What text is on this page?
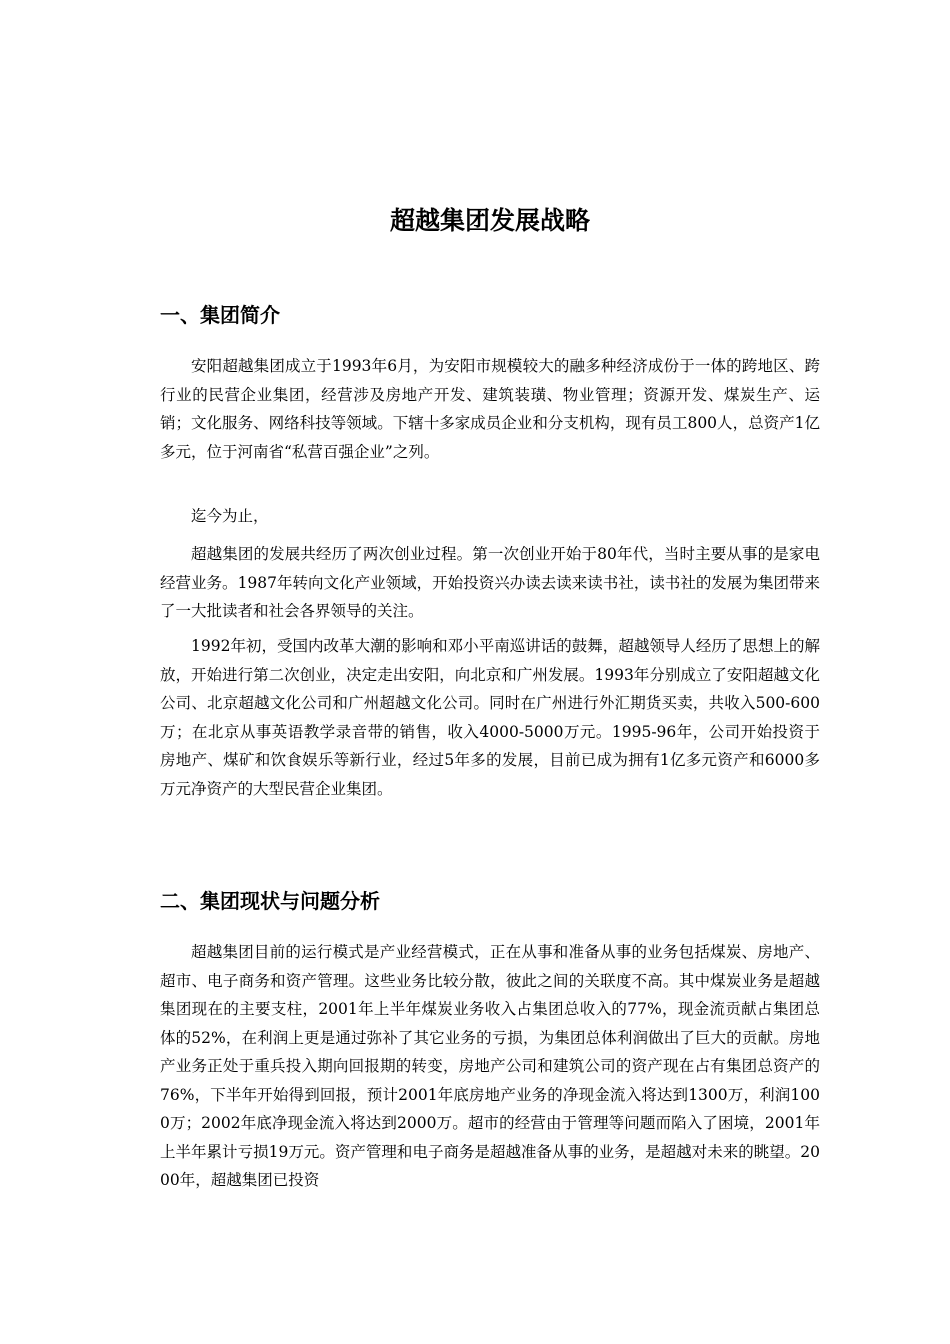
超越集团发展战略
一、集团简介

安阳超越集团成立于1993年6月，为安阳市规模较大的融多种经济成份于一体的跨地区、跨行业的民营企业集团，经营涉及房地产开发、建筑装璜、物业管理；资源开发、煤炭生产、运销；文化服务、网络科技等领域。下辖十多家成员企业和分支机构，现有员工800人，总资产1亿多元，位于河南省“私营百强企业”之列。

迄今为止，

超越集团的发展共经历了两次创业过程。第一次创业开始于80年代，当时主要从事的是家电经营业务。1987年转向文化产业领域，开始投资兴办读去读来读书社，读书社的发展为集团带来了一大批读者和社会各界领导的关注。

1992年初，受国内改革大潮的影响和邓小平南巡讲话的鼓舞，超越领导人经历了思想上的解放，开始进行第二次创业，决定走出安阳，向北京和广州发展。1993年分别成立了安阳超越文化公司、北京超越文化公司和广州超越文化公司。同时在广州进行外汇期货买卖，共收入500-600万；在北京从事英语教学录音带的销售，收入4000-5000万元。1995-96年，公司开始投资于房地产、煤矿和饮食娱乐等新行业，经过5年多的发展，目前已成为拥有1亿多元资产和6000多万元净资产的大型民营企业集团。

二、集团现状与问题分析

超越集团目前的运行模式是产业经营模式，正在从事和准备从事的业务包括煤炭、房地产、超市、电子商务和资产管理。这些业务比较分散，彼此之间的关联度不高。其中煤炭业务是超越集团现在的主要支柱，2001年上半年煤炭业务收入占集团总收入的77%，现金流贡献占集团总体的52%，在利润上更是通过弥补了其它业务的亏损，为集团总体利润做出了巨大的贡献。房地产业务正处于重兵投入期向回报期的转变，房地产公司和建筑公司的资产现在占有集团总资产的76%，下半年开始得到回报，预计2001年底房地产业务的净现金流入将达到1300万，利润1000万；2002年底净现金流入将达到2000万。超市的经营由于管理等问题而陷入了困境，2001年上半年累计亏损19万元。资产管理和电子商务是超越准备从事的业务，是超越对未来的眺望。2000年，超越集团已投资
